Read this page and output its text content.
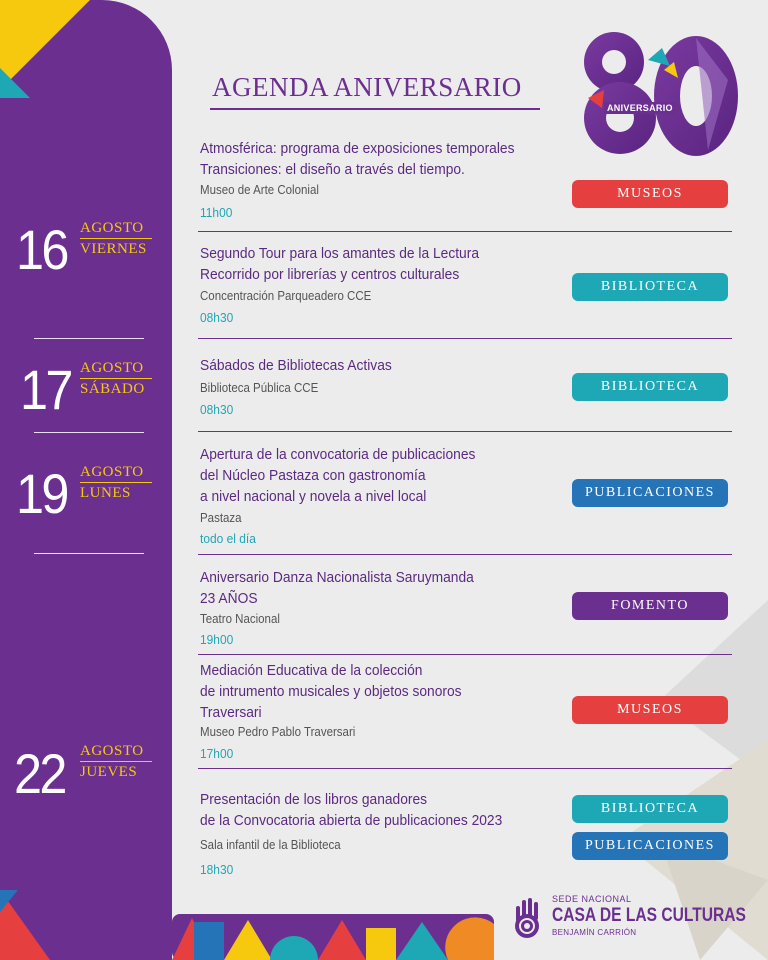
16 AGOSTO
VIERNES
17 AGOSTO
SÁBADO
19 AGOSTO
LUNES
22 AGOSTO
JUEVES
AGENDA ANIVERSARIO
ANIVERSARIO
Atmosférica: programa de exposiciones temporales
Transiciones: el diseño a través del tiempo.
Museo de Arte Colonial
11h00
MUSEOS
Segundo Tour para los amantes de la Lectura
Recorrido por librerías y centros culturales
Concentración Parqueadero CCE
08h30
BIBLIOTECA
Sábados de Bibliotecas Activas
Biblioteca Pública CCE
08h30
BIBLIOTECA
Apertura de la convocatoria de publicaciones
del Núcleo Pastaza con gastronomía
a nivel nacional y novela a nivel local
Pastaza
todo el día
PUBLICACIONES
Aniversario Danza Nacionalista Saruymanda
23 AÑOS
Teatro Nacional
19h00
FOMENTO
Mediación Educativa de la colección
de intrumento musicales y objetos sonoros
Traversari
Museo Pedro Pablo Traversari
17h00
MUSEOS
Presentación de los libros ganadores
de la Convocatoria abierta de publicaciones 2023
Sala infantil de la Biblioteca
18h30
BIBLIOTECA
PUBLICACIONES
SEDE NACIONAL
CASA DE LAS CULTURAS
BENJAMÍN CARRIÓN
